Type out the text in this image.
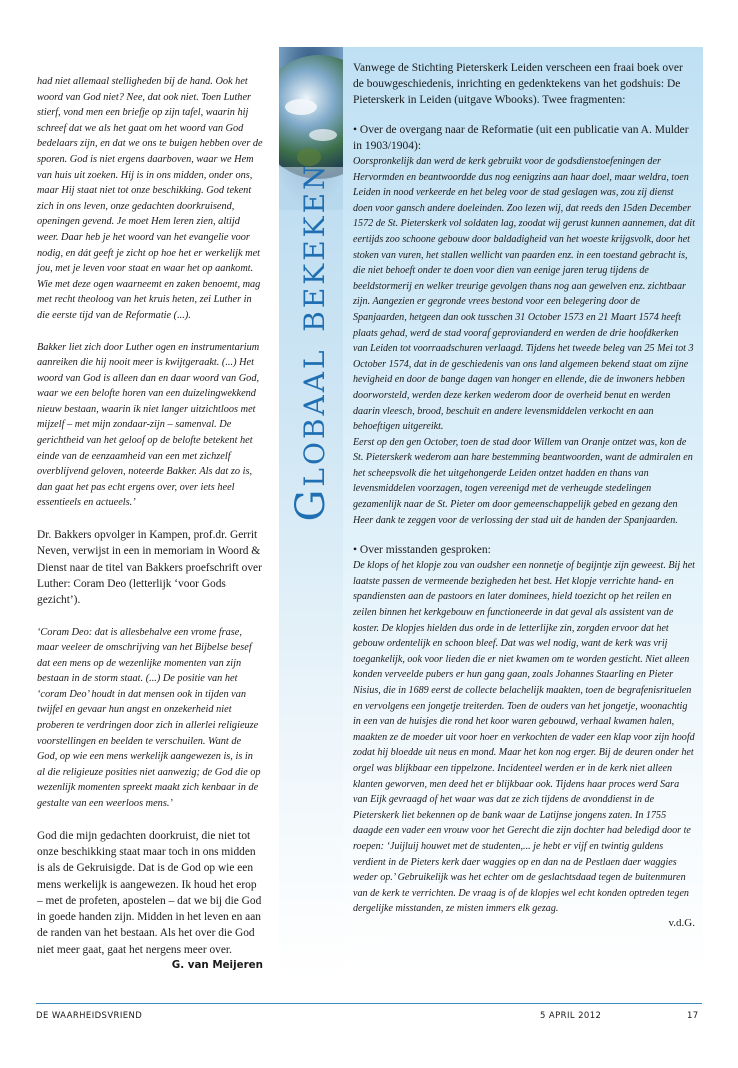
had niet allemaal stelligheden bij de hand. Ook het woord van God niet? Nee, dat ook niet. Toen Luther stierf, vond men een briefje op zijn tafel, waarin hij schreef dat we als het gaat om het woord van God bedelaars zijn, en dat we ons te buigen hebben over de sporen. God is niet ergens daarboven, waar we Hem van huis uit zoeken. Hij is in ons midden, onder ons, maar Hij staat niet tot onze beschikking. God tekent zich in ons leven, onze gedachten doorkruisend, openingen gevend. Je moet Hem leren zien, altijd weer. Daar heb je het woord van het evangelie voor nodig, en dát geeft je zicht op hoe het er werkelijk met jou, met je leven voor staat en waar het op aankomt. Wie met deze ogen waarneemt en zaken benoemt, mag met recht theoloog van het kruis heten, zei Luther in die eerste tijd van de Reformatie (...).

Bakker liet zich door Luther ogen en instrumentarium aanreiken die hij nooit meer is kwijtgeraakt. (...) Het woord van God is alleen dan en daar woord van God, waar we een belofte horen van een duizelingwekkend nieuw bestaan, waarin ik niet langer uitzichtloos met mijzelf – met mijn zondaar-zijn – samenval. De gerichtheid van het geloof op de belofte betekent het einde van de eenzaamheid van een met zichzelf overblijvend geloven, noteerde Bakker. Als dat zo is, dan gaat het pas echt ergens over, over iets heel essentieels en actueels.’

Dr. Bakkers opvolger in Kampen, prof.dr. Gerrit Neven, verwijst in een in memoriam in Woord & Dienst naar de titel van Bakkers proefschrift over Luther: Coram Deo (letterlijk ‘voor Gods gezicht’).

‘Coram Deo: dat is allesbehalve een vrome frase, maar veeleer de omschrijving van het Bijbelse besef dat een mens op de wezenlijke momenten van zijn bestaan in de storm staat. (...) De positie van het ‘coram Deo’ houdt in dat mensen ook in tijden van twijfel en gevaar hun angst en onzekerheid niet proberen te verdringen door zich in allerlei religieuze voorstellingen en beelden te verschuilen. Want de God, op wie een mens werkelijk aangewezen is, is in al die religieuze posities niet aanwezig; de God die op wezenlijk momenten spreekt maakt zich kenbaar in de gestalte van een weerloos mens.’

God die mijn gedachten doorkruist, die niet tot onze beschikking staat maar toch in ons midden is als de Gekruisigde. Dat is de God op wie een mens werkelijk is aangewezen. Ik houd het erop – met de profeten, apostelen – dat we bij die God in goede handen zijn. Midden in het leven en aan de randen van het bestaan. Als het over die God niet meer gaat, gaat het nergens meer over.

G. van Meijeren

Globaal bekeken

Vanwege de Stichting Pieterskerk Leiden verscheen een fraai boek over de bouwgeschiedenis, inrichting en gedenktekens van het godshuis: De Pieterskerk in Leiden (uitgave Wbooks). Twee fragmenten:

• Over de overgang naar de Reformatie (uit een publicatie van A. Mulder in 1903/1904):

Oorspronkelijk dan werd de kerk gebruikt voor de godsdienstoefeningen der Hervormden en beantwoordde dus nog eenigzins aan haar doel, maar weldra, toen Leiden in nood verkeerde en het beleg voor de stad geslagen was, zou zij dienst doen voor gansch andere doeleinden. Zoo lezen wij, dat reeds den 15den December 1572 de St. Pieterskerk vol soldaten lag, zoodat wij gerust kunnen aannemen, dat dit eertijds zoo schoone gebouw door baldadigheid van het woeste krijgsvolk, door het stoken van vuren, het stallen wellicht van paarden enz. in een toestand gebracht is, die niet behoeft onder te doen voor dien van eenige jaren terug tijdens de beeldstormerij en welker treurige gevolgen thans nog aan gewelven enz. zichtbaar zijn. Aangezien er gegronde vrees bestond voor een belegering door de Spanjaarden, hetgeen dan ook tusschen 31 October 1573 en 21 Maart 1574 heeft plaats gehad, werd de stad vooraf geprovianderd en werden de drie hoofdkerken van Leiden tot voorraadschuren verlaagd. Tijdens het tweede beleg van 25 Mei tot 3 October 1574, dat in de geschiedenis van ons land algemeen bekend staat om zijne hevigheid en door de bange dagen van honger en ellende, die de inwoners hebben doorworsteld, werden deze kerken wederom door de overheid benut en werden daarin vleesch, brood, beschuit en andere levensmiddelen verkocht en aan behoeftigen uitgereikt.

Eerst op den gen October, toen de stad door Willem van Oranje ontzet was, kon de St. Pieterskerk wederom aan hare bestemming beantwoorden, want de admiralen en het scheepsvolk die het uitgehongerde Leiden ontzet hadden en thans van levensmiddelen voorzagen, togen vereenigd met de verheugde stedelingen gezamenlijk naar de St. Pieter om door gemeenschappelijk gebed en gezang den Heer dank te zeggen voor de verlossing der stad uit de handen der Spanjaarden.

• Over misstanden gesproken:

De klops of het klopje zou van oudsher een nonnetje of begijntje zijn geweest. Bij het laatste passen de vermeende bezigheden het best. Het klopje verrichte hand- en spandiensten aan de pastoors en later dominees, hield toezicht op het reilen en zeilen binnen het kerkgebouw en functioneerde in dat geval als assistent van de koster. De klopjes hielden dus orde in de letterlijke zin, zorgden ervoor dat het gebouw ordentelijk en schoon bleef. Dat was wel nodig, want de kerk was vrij toegankelijk, ook voor lieden die er niet kwamen om te worden gesticht. Niet alleen konden verveelde pubers er hun gang gaan, zoals Johannes Staarling en Pieter Nisius, die in 1689 eerst de collecte belachelijk maakten, toen de begrafenisrituelen en vervolgens een jongetje treiterden. Toen de ouders van het jongetje, woonachtig in een van de huisjes die rond het koor waren gebouwd, verhaal kwamen halen, maakten ze de moeder uit voor hoer en verkochten de vader een klap voor zijn hoofd zodat hij bloedde uit neus en mond. Maar het kon nog erger. Bij de deuren onder het orgel was blijkbaar een tippelzone. Incidenteel werden er in de kerk niet alleen klanten geworven, men deed het er blijkbaar ook. Tijdens haar proces werd Sara van Eijk gevraagd of het waar was dat ze zich tijdens de avonddienst in de Pieterskerk liet bekennen op de bank waar de Latijnse jongens zaten. In 1755 daagde een vader een vrouw voor het Gerecht die zijn dochter had beledigd door te roepen: ‘Juijluij houwet met de studenten,... je hebt er vijf en twintig guldens verdient in de Pieters kerk daer waggies op en dan na de Pestlaen daer waggies weder op.’ Gebruikelijk was het echter om de geslachtsdaad tegen de buitenmuren van de kerk te verrichten. De vraag is of de klopjes wel echt konden optreden tegen dergelijke misstanden, ze misten immers elk gezag.

v.d.G.

DE WAARHEIDSVRIEND	5 APRIL 2012	17
